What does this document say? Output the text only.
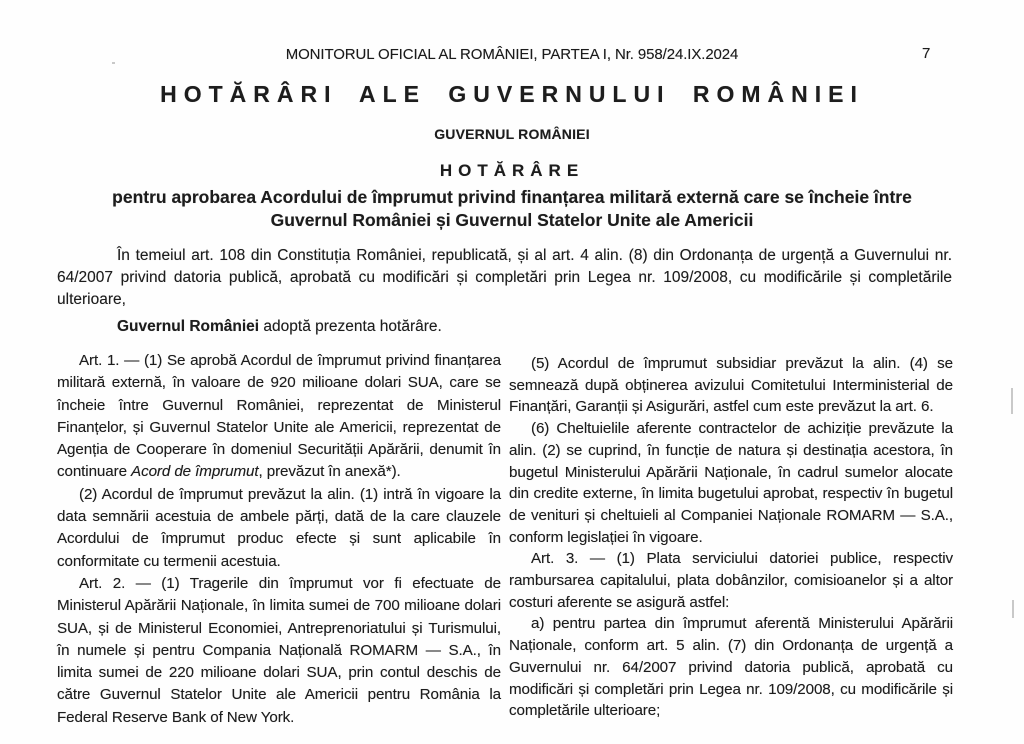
MONITORUL OFICIAL AL ROMÂNIEI, PARTEA I, Nr. 958/24.IX.2024	7
HOTĂRÂRI ALE GUVERNULUI ROMÂNIEI
GUVERNUL ROMÂNIEI
HOTĂRÂRE
pentru aprobarea Acordului de împrumut privind finanțarea militară externă care se încheie între
Guvernul României și Guvernul Statelor Unite ale Americii

În temeiul art. 108 din Constituția României, republicată, și al art. 4 alin. (8) din Ordonanța de urgență a Guvernului nr. 64/2007 privind datoria publică, aprobată cu modificări și completări prin Legea nr. 109/2008, cu modificările și completările ulterioare,

Guvernul României adoptă prezenta hotărâre.

Art. 1. — (1) Se aprobă Acordul de împrumut privind finanțarea militară externă, în valoare de 920 milioane dolari SUA, care se încheie între Guvernul României, reprezentat de Ministerul Finanțelor, și Guvernul Statelor Unite ale Americii, reprezentat de Agenția de Cooperare în domeniul Securității Apărării, denumit în continuare Acord de împrumut, prevăzut în anexă*).

(2) Acordul de împrumut prevăzut la alin. (1) intră în vigoare la data semnării acestuia de ambele părți, dată de la care clauzele Acordului de împrumut produc efecte și sunt aplicabile în conformitate cu termenii acestuia.

Art. 2. — (1) Tragerile din împrumut vor fi efectuate de Ministerul Apărării Naționale, în limita sumei de 700 milioane dolari SUA, și de Ministerul Economiei, Antreprenoriatului și Turismului, în numele și pentru Compania Națională ROMARM — S.A., în limita sumei de 220 milioane dolari SUA, prin contul deschis de către Guvernul Statelor Unite ale Americii pentru România la Federal Reserve Bank of New York.

(5) Acordul de împrumut subsidiar prevăzut la alin. (4) se semnează după obținerea avizului Comitetului Interministerial de Finanțări, Garanții și Asigurări, astfel cum este prevăzut la art. 6.

(6) Cheltuielile aferente contractelor de achiziție prevăzute la alin. (2) se cuprind, în funcție de natura și destinația acestora, în bugetul Ministerului Apărării Naționale, în cadrul sumelor alocate din credite externe, în limita bugetului aprobat, respectiv în bugetul de venituri și cheltuieli al Companiei Naționale ROMARM — S.A., conform legislației în vigoare.

Art. 3. — (1) Plata serviciului datoriei publice, respectiv rambursarea capitalului, plata dobânzilor, comisioanelor și a altor costuri aferente se asigură astfel:

a) pentru partea din împrumut aferentă Ministerului Apărării Naționale, conform art. 5 alin. (7) din Ordonanța de urgență a Guvernului nr. 64/2007 privind datoria publică, aprobată cu modificări și completări prin Legea nr. 109/2008, cu modificările și completările ulterioare;
